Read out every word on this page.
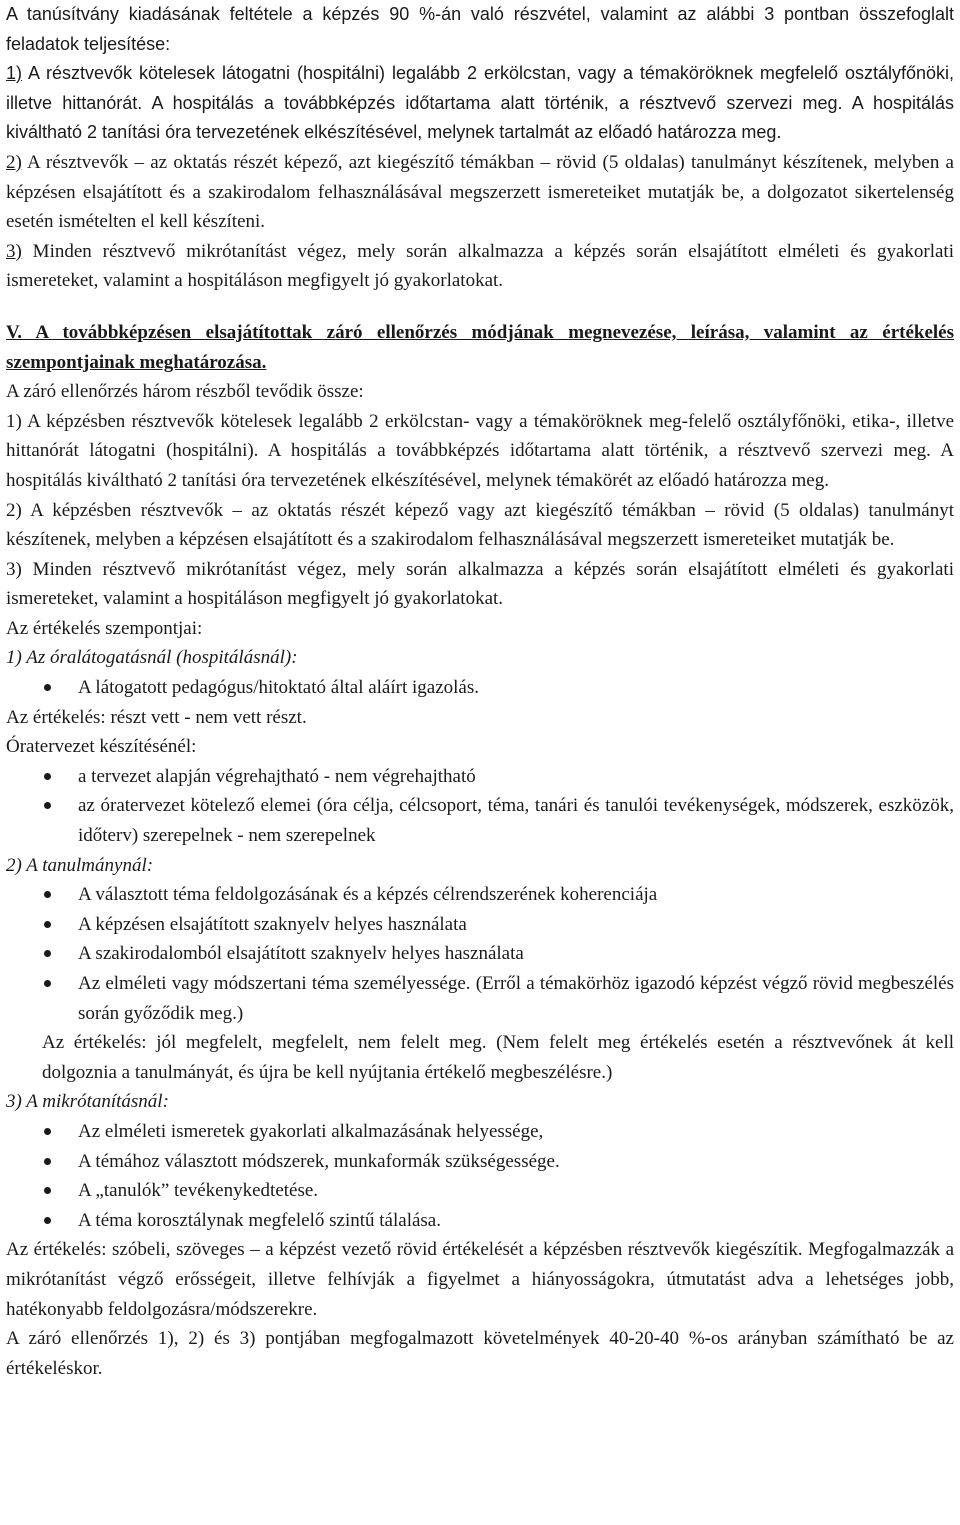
A tanúsítvány kiadásának feltétele a képzés 90 %-án való részvétel, valamint az alábbi 3 pontban összefoglalt feladatok teljesítése:

1) A résztvevők kötelesek látogatni (hospitálni) legalább 2 erkölcstan, vagy a témaköröknek megfelelő osztályfőnöki, illetve hittanórát. A hospitálás a továbbképzés időtartama alatt történik, a résztvevő szervezi meg. A hospitálás kiváltható 2 tanítási óra tervezetének elkészítésével, melynek tartalmát az előadó határozza meg.

2) A résztvevők – az oktatás részét képező, azt kiegészítő témákban – rövid (5 oldalas) tanulmányt készítenek, melyben a képzésen elsajátított és a szakirodalom felhasználásával megszerzett ismereteiket mutatják be, a dolgozatot sikertelenség esetén ismételten el kell készíteni.

3) Minden résztvevő mikrótanítást végez, mely során alkalmazza a képzés során elsajátított elméleti és gyakorlati ismereteket, valamint a hospitáláson megfigyelt jó gyakorlatokat.

V. A továbbképzésen elsajátítottak záró ellenőrzés módjának megnevezése, leírása, valamint az értékelés szempontjainak meghatározása.

A záró ellenőrzés három részből tevődik össze:

1) A képzésben résztvevők kötelesek legalább 2 erkölcstan- vagy a témaköröknek meg-felelő osztályfőnöki, etika-, illetve hittanórát látogatni (hospitálni). A hospitálás a továbbképzés időtartama alatt történik, a résztvevő szervezi meg. A hospitálás kiváltható 2 tanítási óra tervezetének elkészítésével, melynek témakörét az előadó határozza meg.

2) A képzésben résztvevők – az oktatás részét képező vagy azt kiegészítő témákban – rövid (5 oldalas) tanulmányt készítenek, melyben a képzésen elsajátított és a szakirodalom felhasználásával megszerzett ismereteiket mutatják be.

3) Minden résztvevő mikrótanítást végez, mely során alkalmazza a képzés során elsajátított elméleti és gyakorlati ismereteket, valamint a hospitáláson megfigyelt jó gyakorlatokat.

Az értékelés szempontjai:

1) Az óralátogatásnál (hospitálásnál):

A látogatott pedagógus/hitoktató által aláírt igazolás.

Az értékelés: részt vett - nem vett részt.

Óratervezet készítésénél:

a tervezet alapján végrehajtható - nem végrehajtható
az óratervezet kötelező elemei (óra célja, célcsoport, téma, tanári és tanulói tevékenységek, módszerek, eszközök, időterv) szerepelnek - nem szerepelnek

2) A tanulmánynál:

A választott téma feldolgozásának és a képzés célrendszerének koherenciája
A képzésen elsajátított szaknyelv helyes használata
A szakirodalomból elsajátított szaknyelv helyes használata
Az elméleti vagy módszertani téma személyessége. (Erről a témakörhöz igazodó képzést végző rövid megbeszélés során győződik meg.)

Az értékelés: jól megfelelt, megfelelt, nem felelt meg. (Nem felelt meg értékelés esetén a résztvevőnek át kell dolgoznia a tanulmányát, és újra be kell nyújtania értékelő megbeszélésre.)

3) A mikrótanításnál:

Az elméleti ismeretek gyakorlati alkalmazásának helyessége,
A témához választott módszerek, munkaformák szükségessége.
A „tanulók” tevékenykedtetése.
A téma korosztálynak megfelelő szintű tálalása.

Az értékelés: szóbeli, szöveges – a képzést vezető rövid értékelését a képzésben résztvevők kiegészítik. Megfogalmazzák a mikrótanítást végző erősségeit, illetve felhívják a figyelmet a hiányosságokra, útmutatást adva a lehetséges jobb, hatékonyabb feldolgozásra/módszerekre.

A záró ellenőrzés 1), 2) és 3) pontjában megfogalmazott követelmények 40-20-40 %-os arányban számítható be az értékeléskor.
